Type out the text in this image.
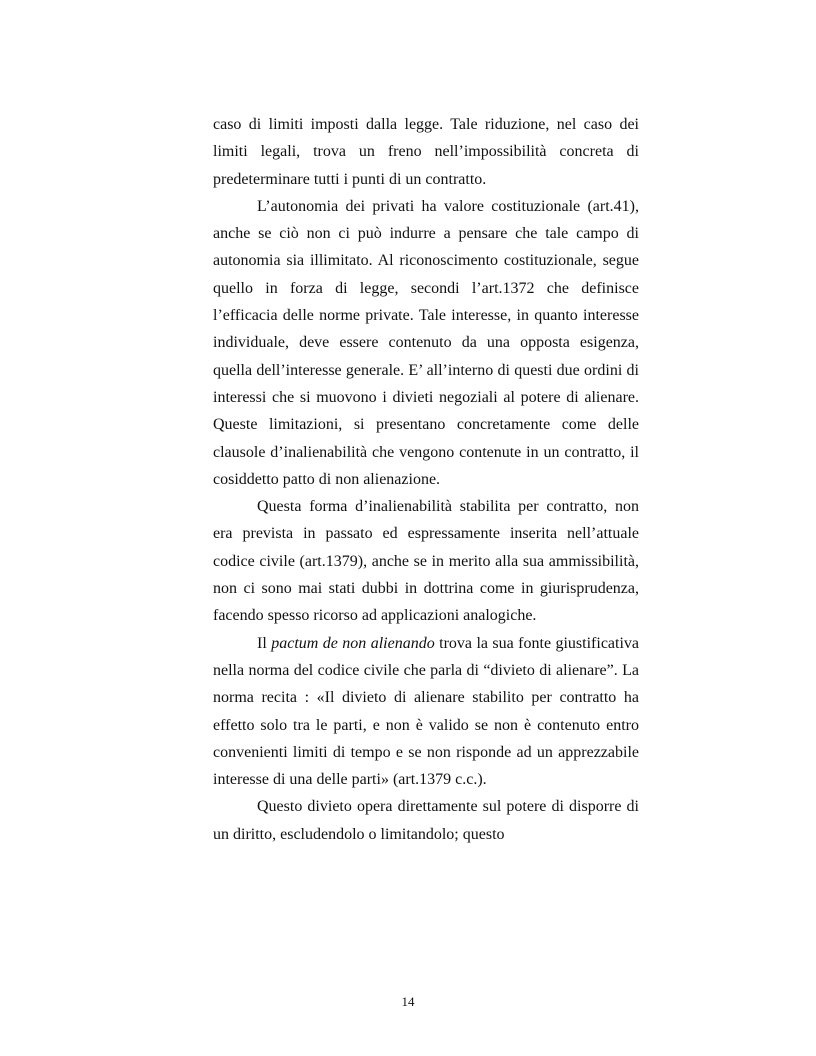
caso di limiti imposti dalla legge. Tale riduzione, nel caso dei limiti legali, trova un freno nell’impossibilità concreta di predeterminare tutti i punti di un contratto.

L’autonomia dei privati ha valore costituzionale (art.41), anche se ciò non ci può indurre a pensare che tale campo di autonomia sia illimitato. Al riconoscimento costituzionale, segue quello in forza di legge, secondi l’art.1372 che definisce l’efficacia delle norme private. Tale interesse, in quanto interesse individuale, deve essere contenuto da una opposta esigenza, quella dell’interesse generale. E’ all’interno di questi due ordini di interessi che si muovono i divieti negoziali al potere di alienare. Queste limitazioni, si presentano concretamente come delle clausole d’inalienabilità che vengono contenute in un contratto, il cosiddetto patto di non alienazione.

Questa forma d’inalienabilità stabilita per contratto, non era prevista in passato ed espressamente inserita nell’attuale codice civile (art.1379), anche se in merito alla sua ammissibilità, non ci sono mai stati dubbi in dottrina come in giurisprudenza, facendo spesso ricorso ad applicazioni analogiche.

Il pactum de non alienando trova la sua fonte giustificativa nella norma del codice civile che parla di “divieto di alienare”. La norma recita : «Il divieto di alienare stabilito per contratto ha effetto solo tra le parti, e non è valido se non è contenuto entro convenienti limiti di tempo e se non risponde ad un apprezzabile interesse di una delle parti» (art.1379 c.c.).

Questo divieto opera direttamente sul potere di disporre di un diritto, escludendolo o limitandolo; questo

14
